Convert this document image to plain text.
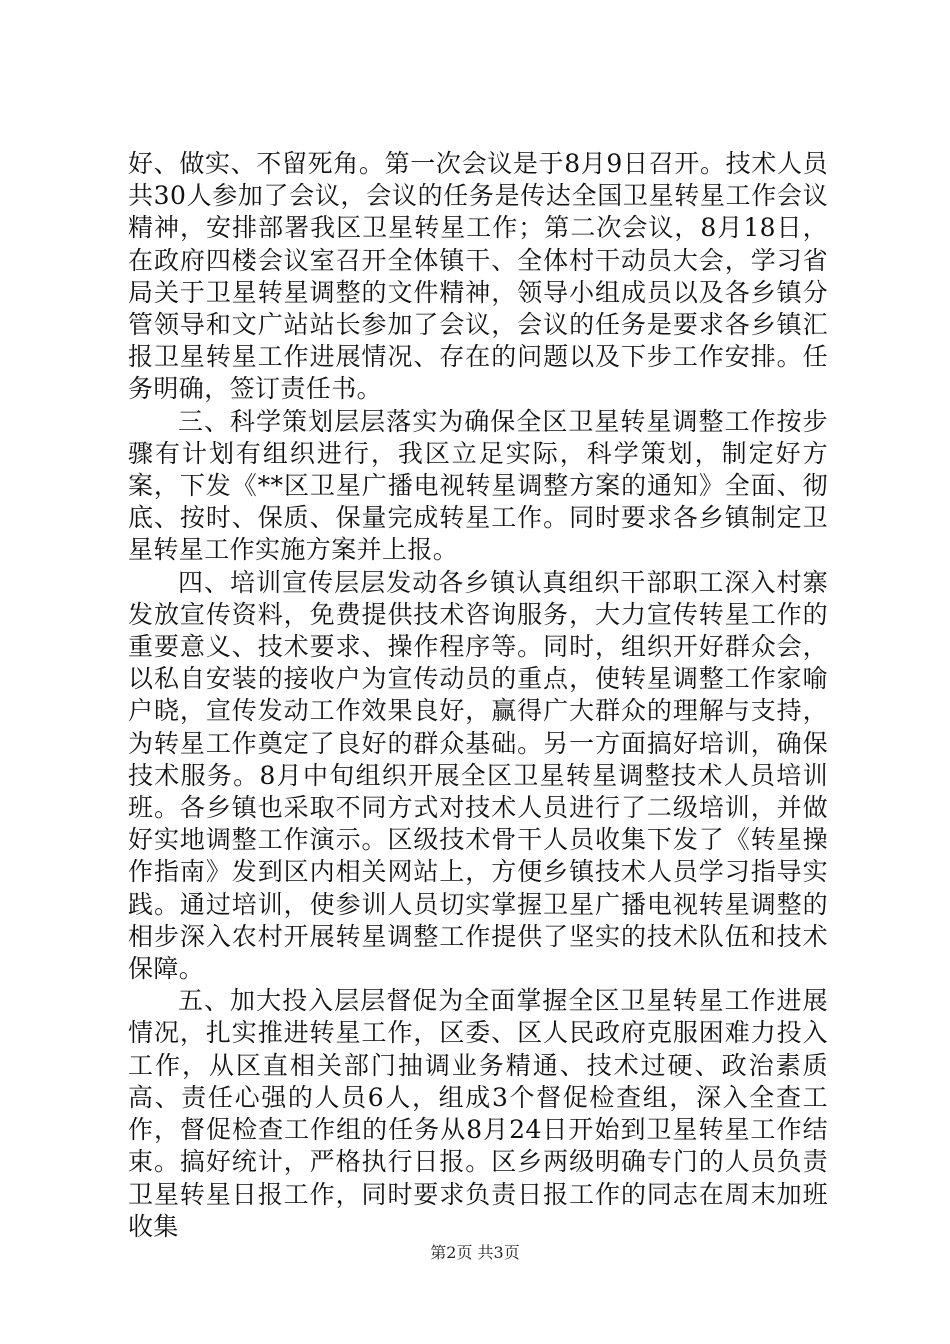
好、做实、不留死角。第一次会议是于8月9日召开。技术人员共30人参加了会议，会议的任务是传达全国卫星转星工作会议精神，安排部署我区卫星转星工作；第二次会议，8月18日，在政府四楼会议室召开全体镇干、全体村干动员大会，学习省局关于卫星转星调整的文件精神，领导小组成员以及各乡镇分管领导和文广站站长参加了会议，会议的任务是要求各乡镇汇报卫星转星工作进展情况、存在的问题以及下步工作安排。任务明确，签订责任书。

三、科学策划层层落实为确保全区卫星转星调整工作按步骤有计划有组织进行，我区立足实际，科学策划，制定好方案，下发《**区卫星广播电视转星调整方案的通知》全面、彻底、按时、保质、保量完成转星工作。同时要求各乡镇制定卫星转星工作实施方案并上报。

四、培训宣传层层发动各乡镇认真组织干部职工深入村寨发放宣传资料，免费提供技术咨询服务，大力宣传转星工作的重要意义、技术要求、操作程序等。同时，组织开好群众会，以私自安装的接收户为宣传动员的重点，使转星调整工作家喻户晓，宣传发动工作效果良好，赢得广大群众的理解与支持，为转星工作奠定了良好的群众基础。另一方面搞好培训，确保技术服务。8月中旬组织开展全区卫星转星调整技术人员培训班。各乡镇也采取不同方式对技术人员进行了二级培训，并做好实地调整工作演示。区级技术骨干人员收集下发了《转星操作指南》发到区内相关网站上，方便乡镇技术人员学习指导实践。通过培训，使参训人员切实掌握卫星广播电视转星调整的相步深入农村开展转星调整工作提供了坚实的技术队伍和技术保障。

五、加大投入层层督促为全面掌握全区卫星转星工作进展情况，扎实推进转星工作，区委、区人民政府克服困难力投入工作，从区直相关部门抽调业务精通、技术过硬、政治素质高、责任心强的人员6人，组成3个督促检查组，深入全查工作，督促检查工作组的任务从8月24日开始到卫星转星工作结束。搞好统计，严格执行日报。区乡两级明确专门的人员负责卫星转星日报工作，同时要求负责日报工作的同志在周末加班收集

第2页 共3页
